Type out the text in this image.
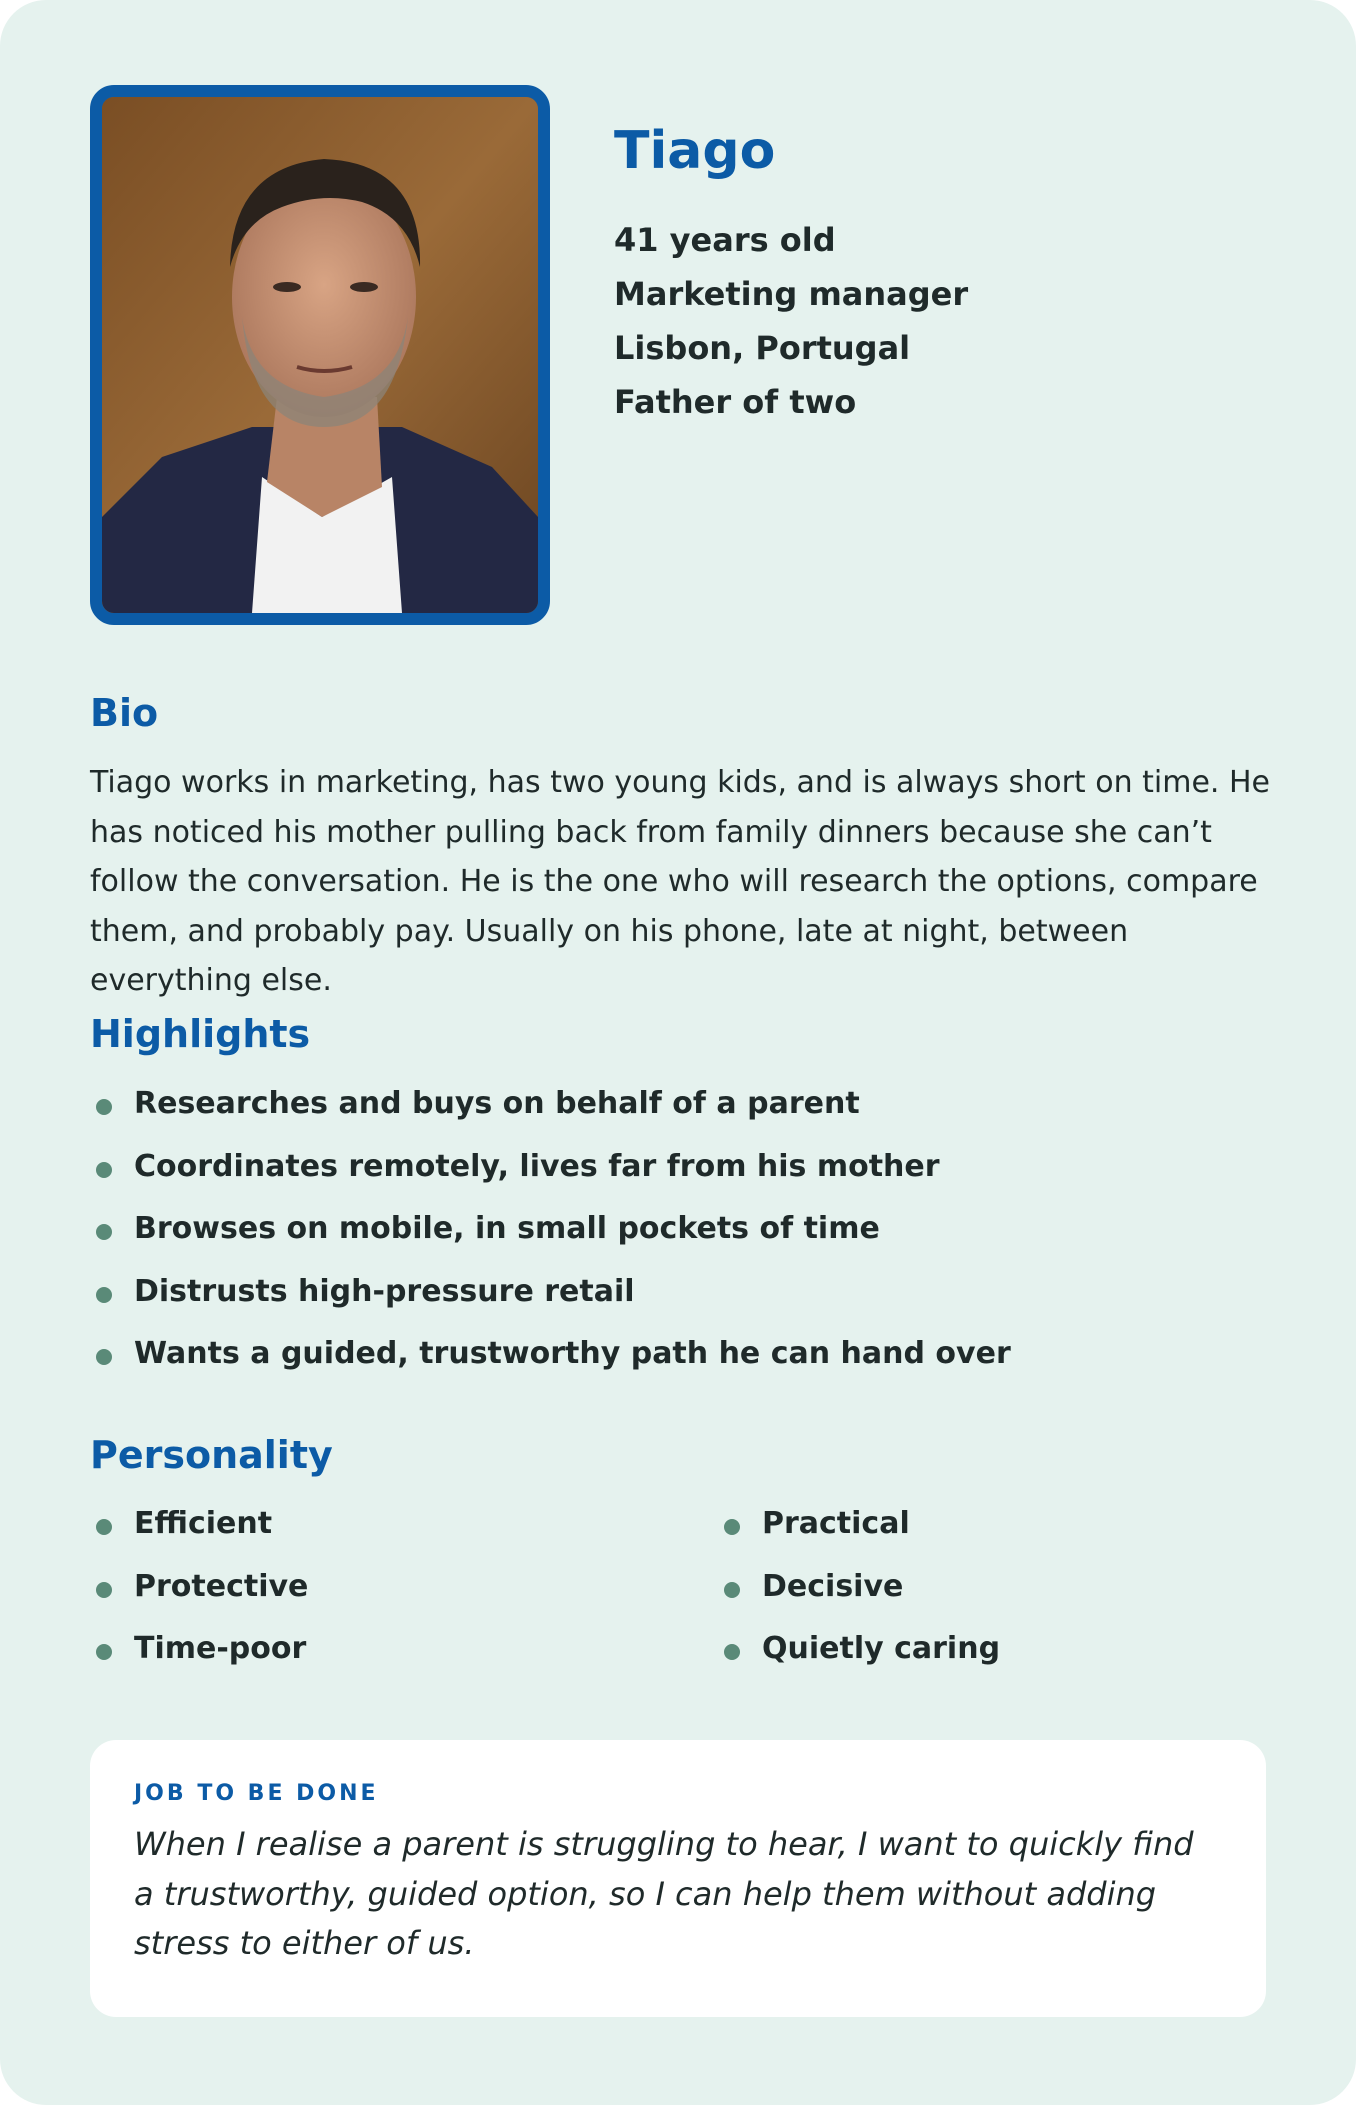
Tiago
41 years old
Marketing manager
Lisbon, Portugal
Father of two
Bio

Tiago works in marketing, has two young kids, and is always short on time. He has noticed his mother pulling back from family dinners because she can’t follow the conversation. He is the one who will research the options, compare them, and probably pay. Usually on his phone, late at night, between everything else.

Highlights
Researches and buys on behalf of a parent
Coordinates remotely, lives far from his mother
Browses on mobile, in small pockets of time
Distrusts high-pressure retail
Wants a guided, trustworthy path he can hand over
Personality
Efficient
Protective
Time-poor
Practical
Decisive
Quietly caring

JOB TO BE DONE

When I realise a parent is struggling to hear, I want to quickly find a trustworthy, guided option, so I can help them without adding stress to either of us.
